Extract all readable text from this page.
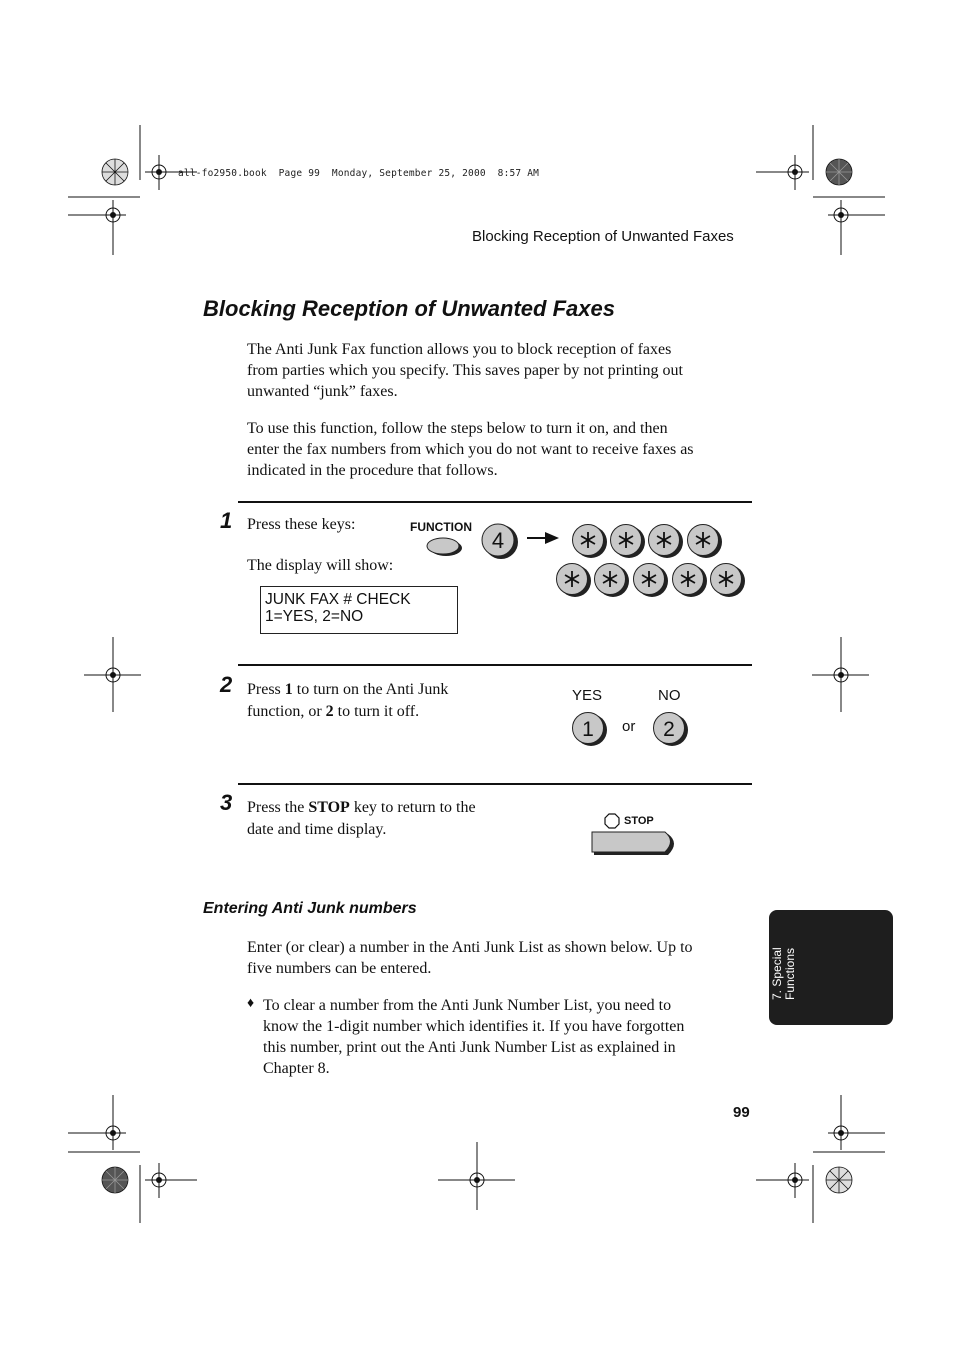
all-fo2950.book  Page 99  Monday, September 25, 2000  8:57 AM
Blocking Reception of Unwanted Faxes
Blocking Reception of Unwanted Faxes
The Anti Junk Fax function allows you to block reception of faxes
from parties which you specify. This saves paper by not printing out
unwanted “junk” faxes.
To use this function, follow the steps below to turn it on, and then
enter the fax numbers from which you do not want to receive faxes as
indicated in the procedure that follows.
1 Press these keys:
The display will show:
JUNK FAX # CHECK
1=YES, 2=NO
FUNCTION
4
2 Press 1 to turn on the Anti Junk
function, or 2 to turn it off.
YES	NO
1 or 2
3 Press the STOP key to return to the
date and time display.	STOP
Entering Anti Junk numbers
Enter (or clear) a number in the Anti Junk List as shown below. Up to
five numbers can be entered.
♦ To clear a number from the Anti Junk Number List, you need to
know the 1-digit number which identifies it. If you have forgotten
this number, print out the Anti Junk Number List as explained in
Chapter 8.
7. Special Functions
99
